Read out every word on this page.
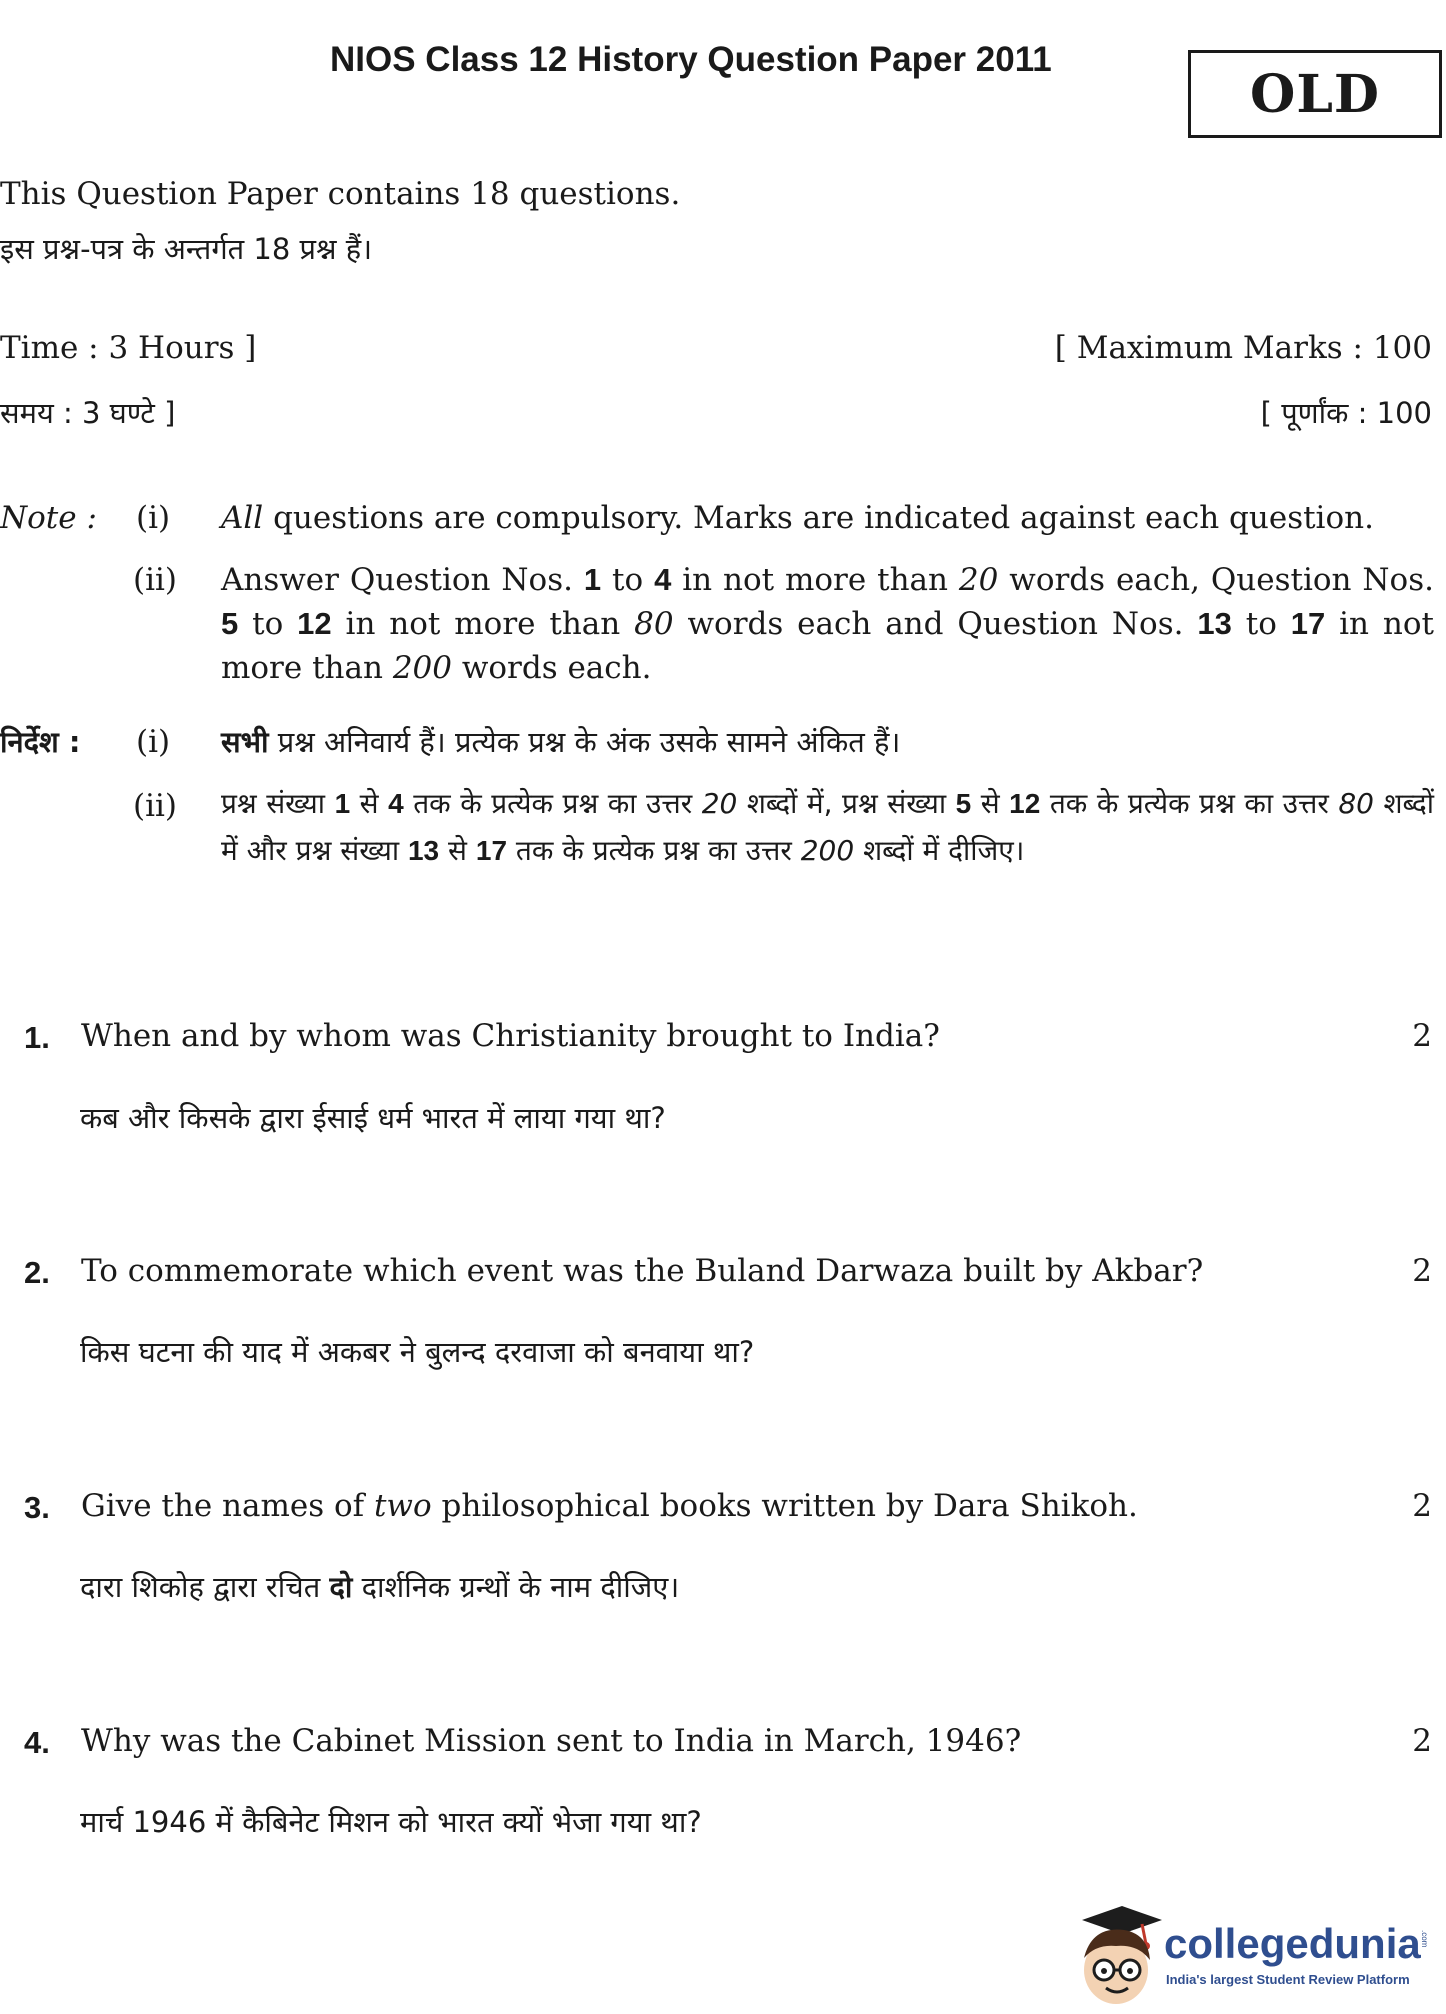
NIOS Class 12 History Question Paper 2011
OLD
This Question Paper contains 18 questions.
इस प्रश्न-पत्र के अन्तर्गत 18 प्रश्न हैं।
Time : 3 Hours ]	[ Maximum Marks : 100
समय : 3 घण्टे ]	[ पूर्णांक : 100
Note : (i) All questions are compulsory. Marks are indicated against each question.
(ii) Answer Question Nos. 1 to 4 in not more than 20 words each, Question Nos. 5 to 12 in not more than 80 words each and Question Nos. 13 to 17 in not more than 200 words each.
निर्देश : (i) सभी प्रश्न अनिवार्य हैं। प्रत्येक प्रश्न के अंक उसके सामने अंकित हैं।
(ii) प्रश्न संख्या 1 से 4 तक के प्रत्येक प्रश्न का उत्तर 20 शब्दों में, प्रश्न संख्या 5 से 12 तक के प्रत्येक प्रश्न का उत्तर 80 शब्दों में और प्रश्न संख्या 13 से 17 तक के प्रत्येक प्रश्न का उत्तर 200 शब्दों में दीजिए।
1. When and by whom was Christianity brought to India?	2
कब और किसके द्वारा ईसाई धर्म भारत में लाया गया था?
2. To commemorate which event was the Buland Darwaza built by Akbar?	2
किस घटना की याद में अकबर ने बुलन्द दरवाजा को बनवाया था?
3. Give the names of two philosophical books written by Dara Shikoh.	2
दारा शिकोह द्वारा रचित दो दार्शनिक ग्रन्थों के नाम दीजिए।
4. Why was the Cabinet Mission sent to India in March, 1946?	2
मार्च 1946 में कैबिनेट मिशन को भारत क्यों भेजा गया था?
collegedunia .com
India's largest Student Review Platform
